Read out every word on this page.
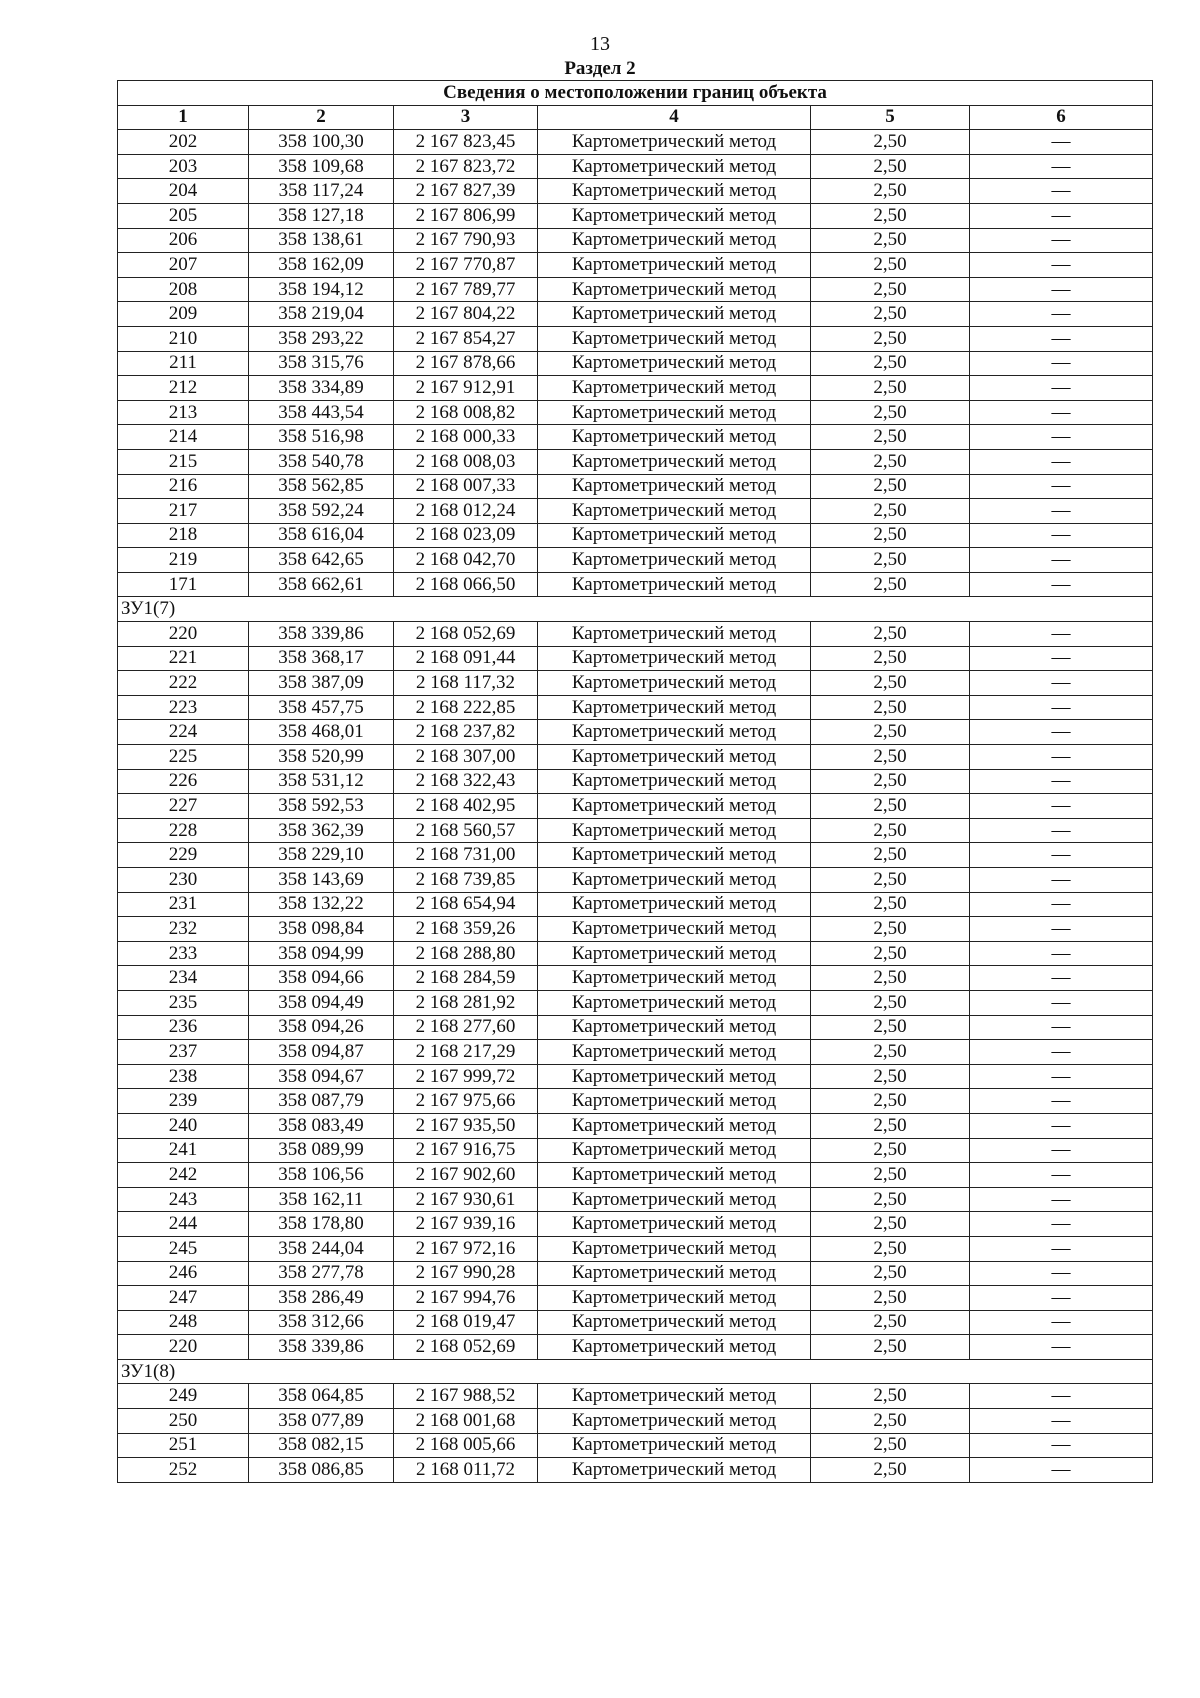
13
Раздел 2
Сведения о местоположении границ объекта					
1	2	3	4	5	6
202	358 100,30	2 167 823,45	Картометрический метод	2,50	—
203	358 109,68	2 167 823,72	Картометрический метод	2,50	—
204	358 117,24	2 167 827,39	Картометрический метод	2,50	—
205	358 127,18	2 167 806,99	Картометрический метод	2,50	—
206	358 138,61	2 167 790,93	Картометрический метод	2,50	—
207	358 162,09	2 167 770,87	Картометрический метод	2,50	—
208	358 194,12	2 167 789,77	Картометрический метод	2,50	—
209	358 219,04	2 167 804,22	Картометрический метод	2,50	—
210	358 293,22	2 167 854,27	Картометрический метод	2,50	—
211	358 315,76	2 167 878,66	Картометрический метод	2,50	—
212	358 334,89	2 167 912,91	Картометрический метод	2,50	—
213	358 443,54	2 168 008,82	Картометрический метод	2,50	—
214	358 516,98	2 168 000,33	Картометрический метод	2,50	—
215	358 540,78	2 168 008,03	Картометрический метод	2,50	—
216	358 562,85	2 168 007,33	Картометрический метод	2,50	—
217	358 592,24	2 168 012,24	Картометрический метод	2,50	—
218	358 616,04	2 168 023,09	Картометрический метод	2,50	—
219	358 642,65	2 168 042,70	Картометрический метод	2,50	—
171	358 662,61	2 168 066,50	Картометрический метод	2,50	—
ЗУ1(7)					
220	358 339,86	2 168 052,69	Картометрический метод	2,50	—
221	358 368,17	2 168 091,44	Картометрический метод	2,50	—
222	358 387,09	2 168 117,32	Картометрический метод	2,50	—
223	358 457,75	2 168 222,85	Картометрический метод	2,50	—
224	358 468,01	2 168 237,82	Картометрический метод	2,50	—
225	358 520,99	2 168 307,00	Картометрический метод	2,50	—
226	358 531,12	2 168 322,43	Картометрический метод	2,50	—
227	358 592,53	2 168 402,95	Картометрический метод	2,50	—
228	358 362,39	2 168 560,57	Картометрический метод	2,50	—
229	358 229,10	2 168 731,00	Картометрический метод	2,50	—
230	358 143,69	2 168 739,85	Картометрический метод	2,50	—
231	358 132,22	2 168 654,94	Картометрический метод	2,50	—
232	358 098,84	2 168 359,26	Картометрический метод	2,50	—
233	358 094,99	2 168 288,80	Картометрический метод	2,50	—
234	358 094,66	2 168 284,59	Картометрический метод	2,50	—
235	358 094,49	2 168 281,92	Картометрический метод	2,50	—
236	358 094,26	2 168 277,60	Картометрический метод	2,50	—
237	358 094,87	2 168 217,29	Картометрический метод	2,50	—
238	358 094,67	2 167 999,72	Картометрический метод	2,50	—
239	358 087,79	2 167 975,66	Картометрический метод	2,50	—
240	358 083,49	2 167 935,50	Картометрический метод	2,50	—
241	358 089,99	2 167 916,75	Картометрический метод	2,50	—
242	358 106,56	2 167 902,60	Картометрический метод	2,50	—
243	358 162,11	2 167 930,61	Картометрический метод	2,50	—
244	358 178,80	2 167 939,16	Картометрический метод	2,50	—
245	358 244,04	2 167 972,16	Картометрический метод	2,50	—
246	358 277,78	2 167 990,28	Картометрический метод	2,50	—
247	358 286,49	2 167 994,76	Картометрический метод	2,50	—
248	358 312,66	2 168 019,47	Картометрический метод	2,50	—
220	358 339,86	2 168 052,69	Картометрический метод	2,50	—
ЗУ1(8)					
249	358 064,85	2 167 988,52	Картометрический метод	2,50	—
250	358 077,89	2 168 001,68	Картометрический метод	2,50	—
251	358 082,15	2 168 005,66	Картометрический метод	2,50	—
252	358 086,85	2 168 011,72	Картометрический метод	2,50	—
